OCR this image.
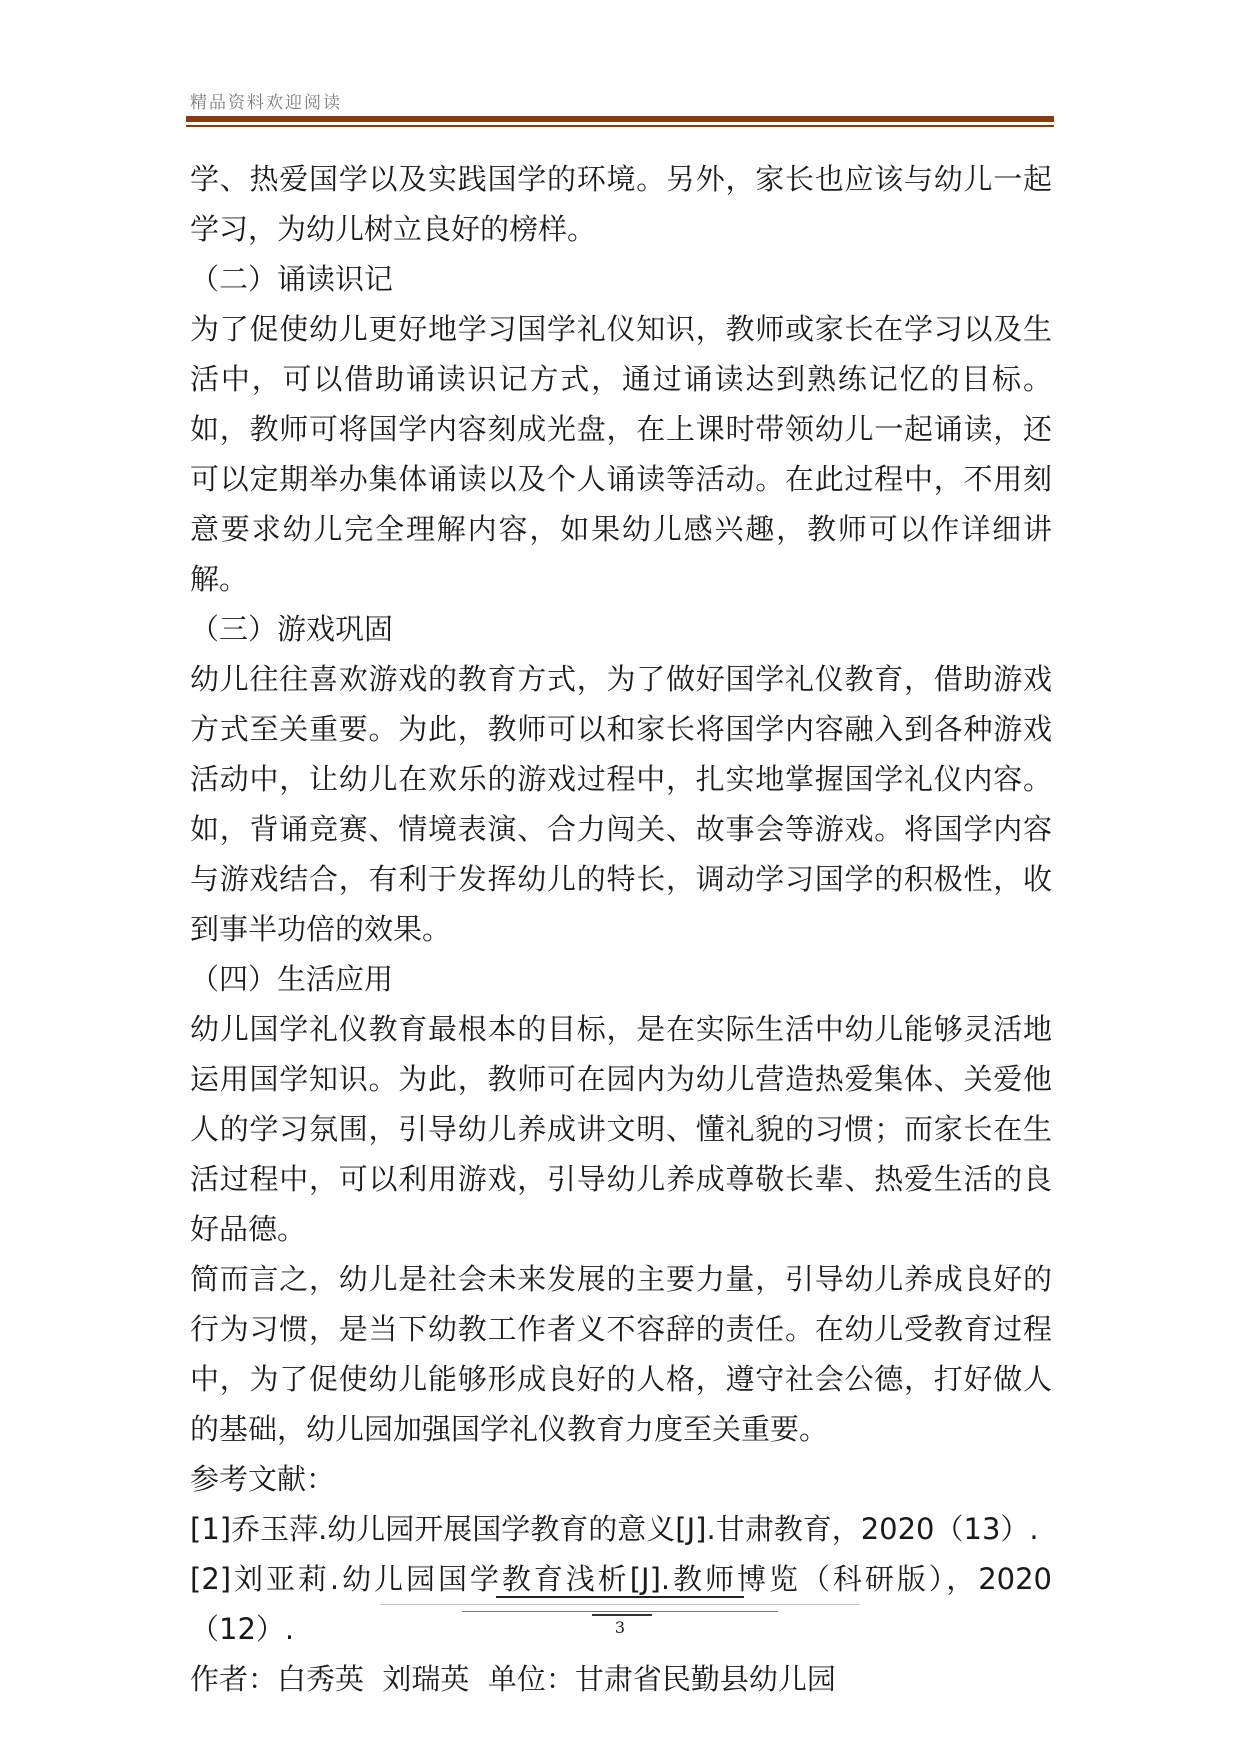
精品资料欢迎阅读

学、热爱国学以及实践国学的环境。另外，家长也应该与幼儿一起学习，为幼儿树立良好的榜样。

（二）诵读识记

为了促使幼儿更好地学习国学礼仪知识，教师或家长在学习以及生活中，可以借助诵读识记方式，通过诵读达到熟练记忆的目标。如，教师可将国学内容刻成光盘，在上课时带领幼儿一起诵读，还可以定期举办集体诵读以及个人诵读等活动。在此过程中，不用刻意要求幼儿完全理解内容，如果幼儿感兴趣，教师可以作详细讲解。

（三）游戏巩固

幼儿往往喜欢游戏的教育方式，为了做好国学礼仪教育，借助游戏方式至关重要。为此，教师可以和家长将国学内容融入到各种游戏活动中，让幼儿在欢乐的游戏过程中，扎实地掌握国学礼仪内容。如，背诵竞赛、情境表演、合力闯关、故事会等游戏。将国学内容与游戏结合，有利于发挥幼儿的特长，调动学习国学的积极性，收到事半功倍的效果。

（四）生活应用

幼儿国学礼仪教育最根本的目标，是在实际生活中幼儿能够灵活地运用国学知识。为此，教师可在园内为幼儿营造热爱集体、关爱他人的学习氛围，引导幼儿养成讲文明、懂礼貌的习惯；而家长在生活过程中，可以利用游戏，引导幼儿养成尊敬长辈、热爱生活的良好品德。

简而言之，幼儿是社会未来发展的主要力量，引导幼儿养成良好的行为习惯，是当下幼教工作者义不容辞的责任。在幼儿受教育过程中，为了促使幼儿能够形成良好的人格，遵守社会公德，打好做人的基础，幼儿园加强国学礼仪教育力度至关重要。

参考文献：

[1]乔玉萍.幼儿园开展国学教育的意义[J].甘肃教育，2020（13）.

[2]刘亚莉.幼儿园国学教育浅析[J].教师博览（科研版），2020（12）.

作者：白秀英  刘瑞英  单位：甘肃省民勤县幼儿园

3
